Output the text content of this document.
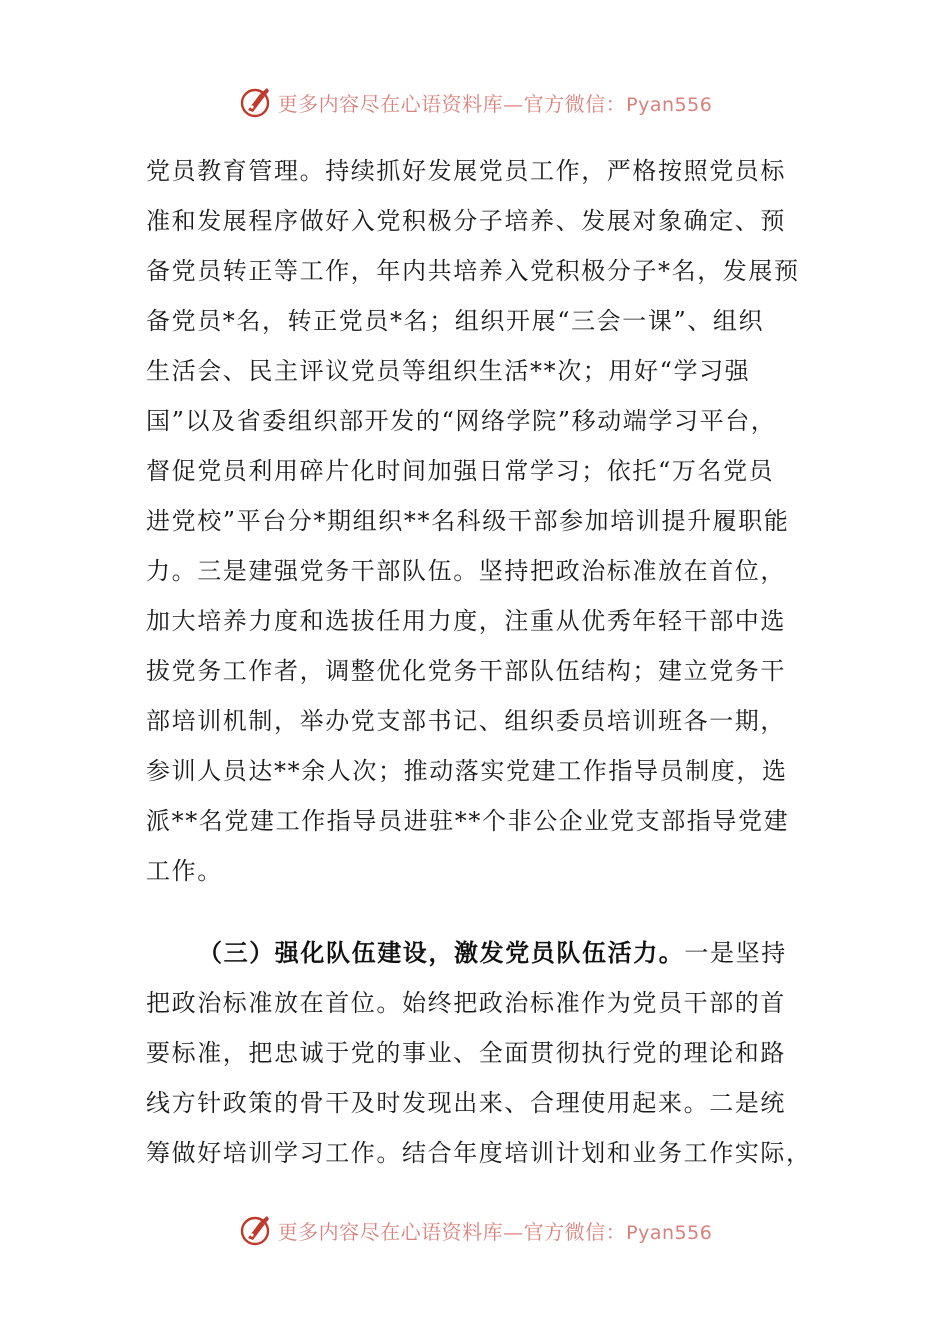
更多内容尽在心语资料库—官方微信：Pyan556
党员教育管理。持续抓好发展党员工作，严格按照党员标
准和发展程序做好入党积极分子培养、发展对象确定、预
备党员转正等工作，年内共培养入党积极分子*名，发展预
备党员*名，转正党员*名；组织开展“三会一课”、组织
生活会、民主评议党员等组织生活**次；用好“学习强
国”以及省委组织部开发的“网络学院”移动端学习平台，
督促党员利用碎片化时间加强日常学习；依托“万名党员
进党校”平台分*期组织**名科级干部参加培训提升履职能
力。三是建强党务干部队伍。坚持把政治标准放在首位，
加大培养力度和选拔任用力度，注重从优秀年轻干部中选
拔党务工作者，调整优化党务干部队伍结构；建立党务干
部培训机制，举办党支部书记、组织委员培训班各一期，
参训人员达**余人次；推动落实党建工作指导员制度，选
派**名党建工作指导员进驻**个非公企业党支部指导党建
工作。
（三）强化队伍建设，激发党员队伍活力。一是坚持
把政治标准放在首位。始终把政治标准作为党员干部的首
要标准，把忠诚于党的事业、全面贯彻执行党的理论和路
线方针政策的骨干及时发现出来、合理使用起来。二是统
筹做好培训学习工作。结合年度培训计划和业务工作实际，
更多内容尽在心语资料库—官方微信：Pyan556
